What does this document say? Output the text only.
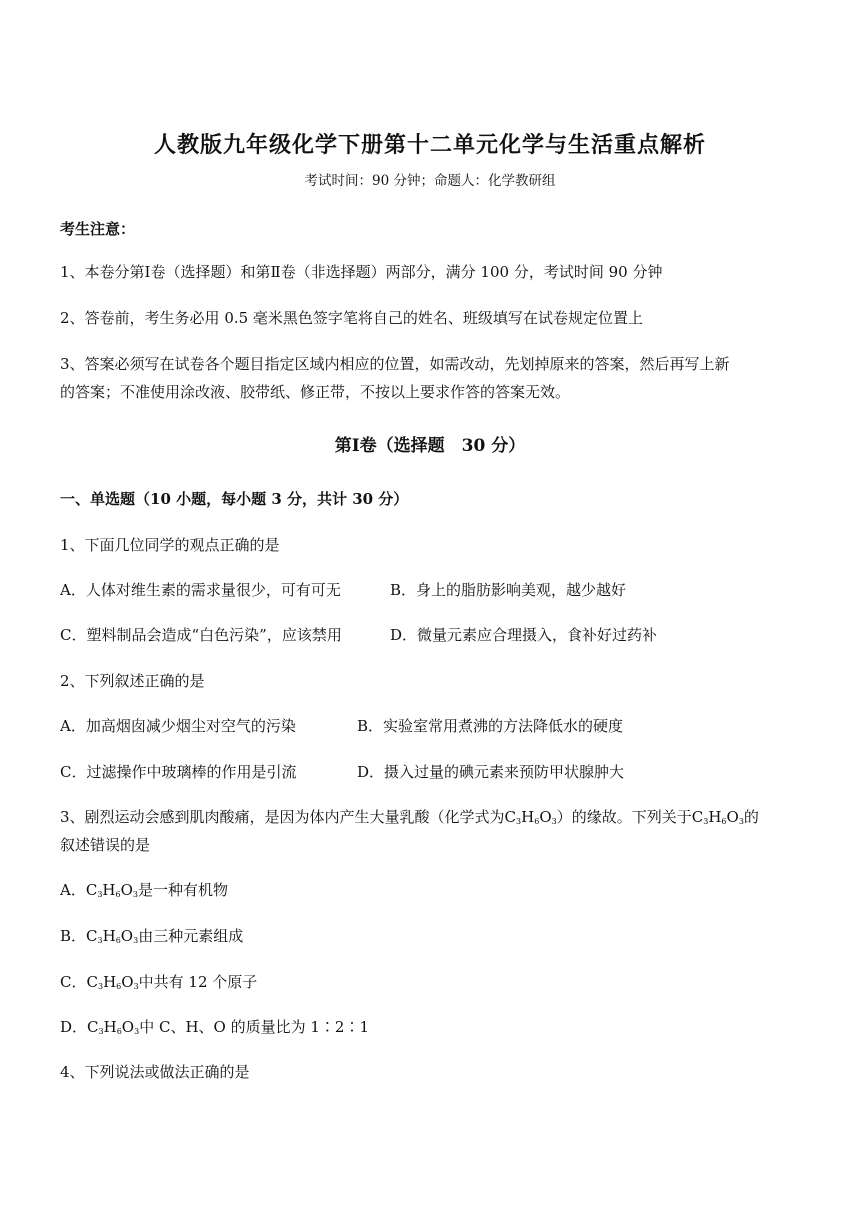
人教版九年级化学下册第十二单元化学与生活重点解析
考试时间：90 分钟；命题人：化学教研组
考生注意：
1、本卷分第Ⅰ卷（选择题）和第Ⅱ卷（非选择题）两部分，满分 100 分，考试时间 90 分钟
2、答卷前，考生务必用 0.5 毫米黑色签字笔将自己的姓名、班级填写在试卷规定位置上
3、答案必须写在试卷各个题目指定区域内相应的位置，如需改动，先划掉原来的答案，然后再写上新
的答案；不准使用涂改液、胶带纸、修正带，不按以上要求作答的答案无效。
第Ⅰ卷（选择题　30 分）
一、单选题（10 小题，每小题 3 分，共计 30 分）
1、下面几位同学的观点正确的是
A．人体对维生素的需求量很少，可有可无	B．身上的脂肪影响美观，越少越好
C．塑料制品会造成“白色污染”，应该禁用	D．微量元素应合理摄入，食补好过药补
2、下列叙述正确的是
A．加高烟囱减少烟尘对空气的污染	B．实验室常用煮沸的方法降低水的硬度
C．过滤操作中玻璃棒的作用是引流	D．摄入过量的碘元素来预防甲状腺肿大
3、剧烈运动会感到肌肉酸痛，是因为体内产生大量乳酸（化学式为$C_3H_6O_3$）的缘故。下列关于$C_3H_6O_3$的
叙述错误的是
A．$C_3H_6O_3$是一种有机物
B．$C_3H_6O_3$由三种元素组成
C．$C_3H_6O_3$中共有 12 个原子
D．$C_3H_6O_3$中 C、H、O 的质量比为 1∶2∶1
4、下列说法或做法正确的是
